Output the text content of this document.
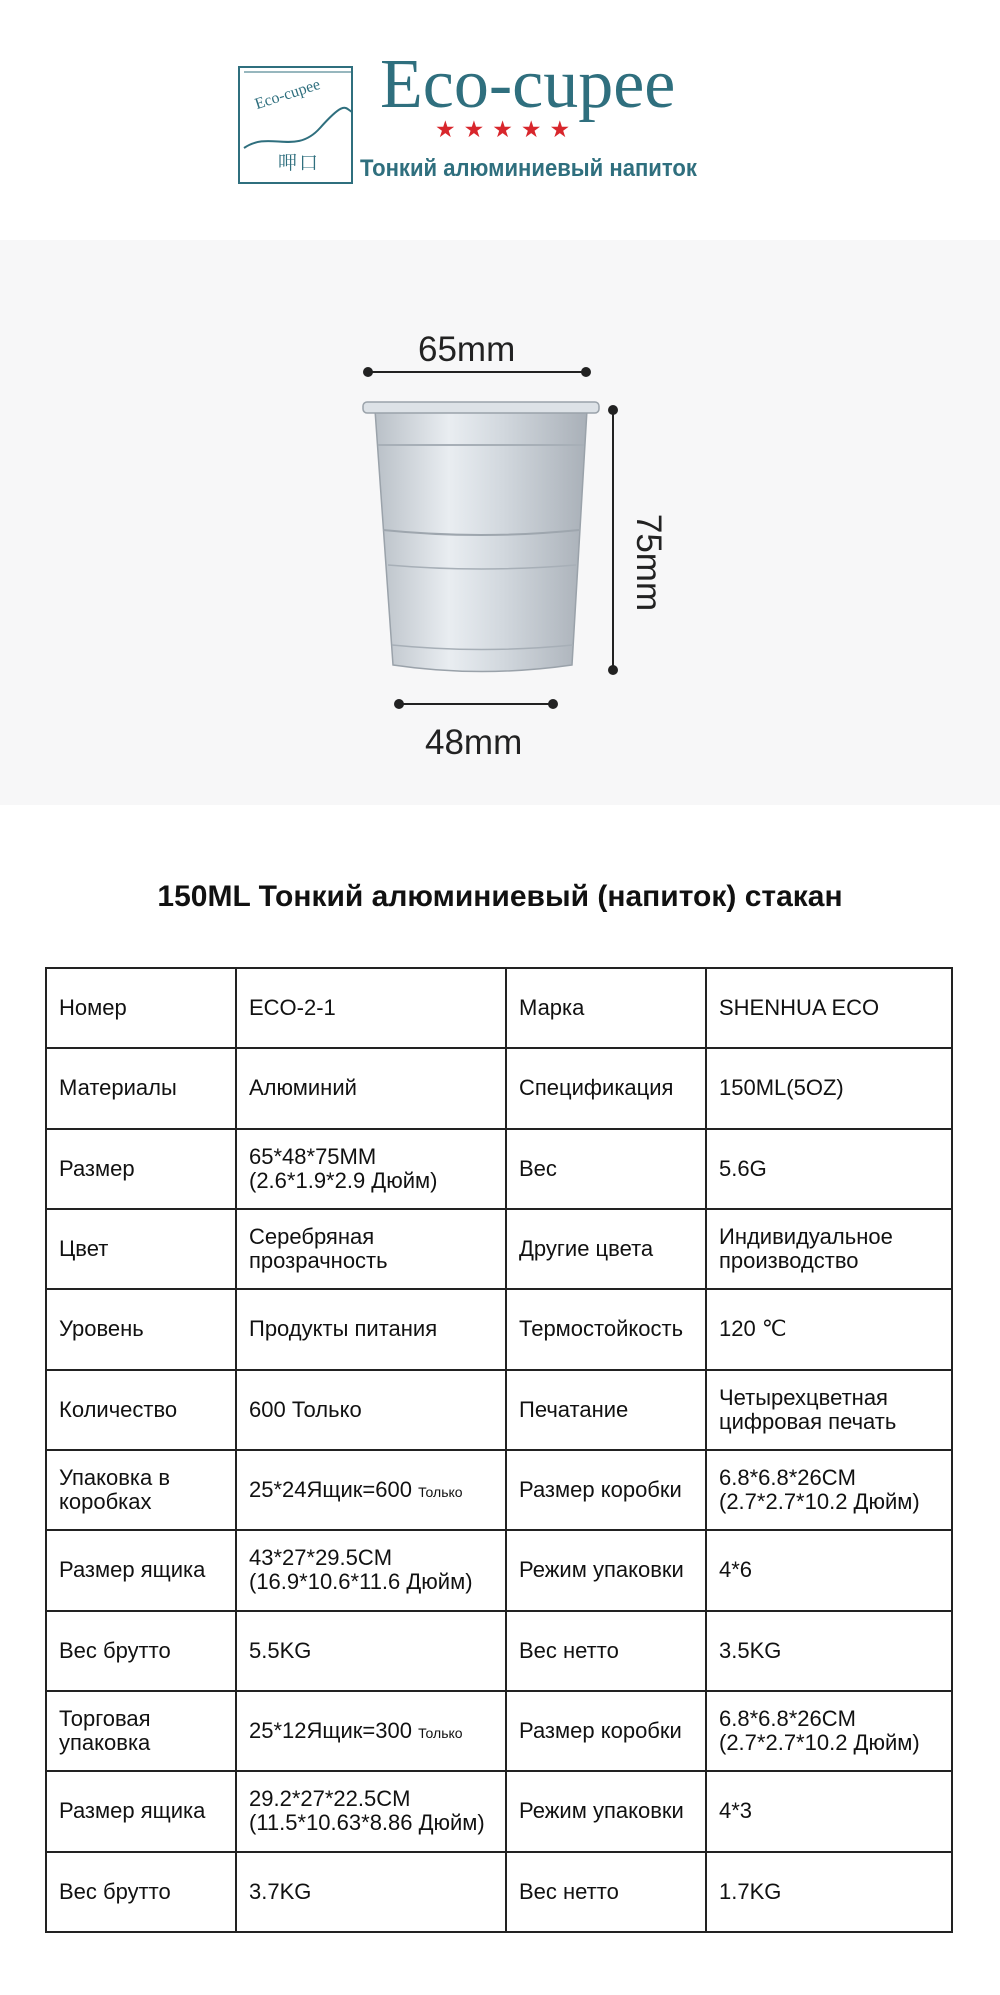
Eco-cupee
呷口
Eco-cupee
★★★★★
Тонкий алюминиевый напиток
65mm
75mm
48mm
150ML Тонкий алюминиевый (напиток) стакан
Номер	ECO-2-1	Марка	SHENHUA ECO
Материалы	Алюминий	Спецификация	150ML(5OZ)
Размер	65*48*75MM (2.6*1.9*2.9 Дюйм)	Вес	5.6G
Цвет	Серебряная прозрачность	Другие цвета	Индивидуальное производство
Уровень	Продукты питания	Термостойкость	120 ℃
Количество	600 Только	Печатание	Четырехцветная цифровая печать
Упаковка в коробках	25*24Ящик=600 Только	Размер коробки	6.8*6.8*26CM (2.7*2.7*10.2 Дюйм)
Размер ящика	43*27*29.5CM (16.9*10.6*11.6 Дюйм)	Режим упаковки	4*6
Вес брутто	5.5KG	Вес нетто	3.5KG
Торговая упаковка	25*12Ящик=300 Только	Размер коробки	6.8*6.8*26CM (2.7*2.7*10.2 Дюйм)
Размер ящика	29.2*27*22.5CM (11.5*10.63*8.86 Дюйм)	Режим упаковки	4*3
Вес брутто	3.7KG	Вес нетто	1.7KG
